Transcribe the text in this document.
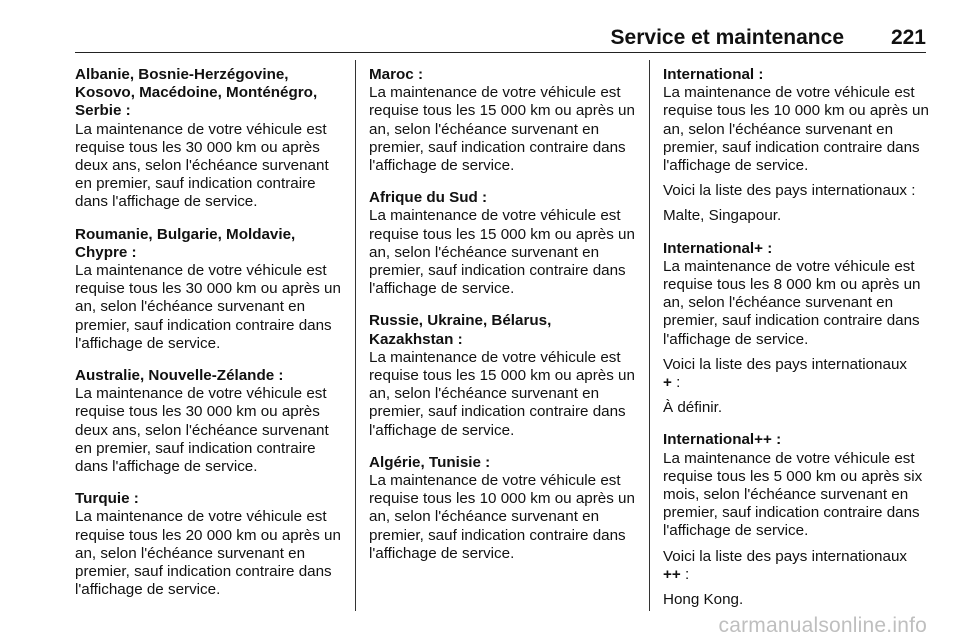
Service et maintenance 221
Albanie, Bosnie-Herzégovine, Kosovo, Macédoine, Monténégro, Serbie :

La maintenance de votre véhicule est requise tous les 30 000 km ou après deux ans, selon l'échéance survenant en premier, sauf indication contraire dans l'affichage de service.

Roumanie, Bulgarie, Moldavie, Chypre :

La maintenance de votre véhicule est requise tous les 30 000 km ou après un an, selon l'échéance survenant en premier, sauf indication contraire dans l'affichage de service.

Australie, Nouvelle-Zélande :

La maintenance de votre véhicule est requise tous les 30 000 km ou après deux ans, selon l'échéance survenant en premier, sauf indication contraire dans l'affichage de service.

Turquie :

La maintenance de votre véhicule est requise tous les 20 000 km ou après un an, selon l'échéance survenant en premier, sauf indication contraire dans l'affichage de service.

Maroc :

La maintenance de votre véhicule est requise tous les 15 000 km ou après un an, selon l'échéance survenant en premier, sauf indication contraire dans l'affichage de service.

Afrique du Sud :

La maintenance de votre véhicule est requise tous les 15 000 km ou après un an, selon l'échéance survenant en premier, sauf indication contraire dans l'affichage de service.

Russie, Ukraine, Bélarus, Kazakhstan :

La maintenance de votre véhicule est requise tous les 15 000 km ou après un an, selon l'échéance survenant en premier, sauf indication contraire dans l'affichage de service.

Algérie, Tunisie :

La maintenance de votre véhicule est requise tous les 10 000 km ou après un an, selon l'échéance survenant en premier, sauf indication contraire dans l'affichage de service.

International :

La maintenance de votre véhicule est requise tous les 10 000 km ou après un an, selon l'échéance survenant en premier, sauf indication contraire dans l'affichage de service.

Voici la liste des pays internationaux :

Malte, Singapour.

International+ :

La maintenance de votre véhicule est requise tous les 8 000 km ou après un an, selon l'échéance survenant en premier, sauf indication contraire dans l'affichage de service.

Voici la liste des pays internationaux
+ :

À définir.

International++ :

La maintenance de votre véhicule est requise tous les 5 000 km ou après six mois, selon l'échéance survenant en premier, sauf indication contraire dans l'affichage de service.

Voici la liste des pays internationaux
++ :

Hong Kong.

carmanualsonline.info
